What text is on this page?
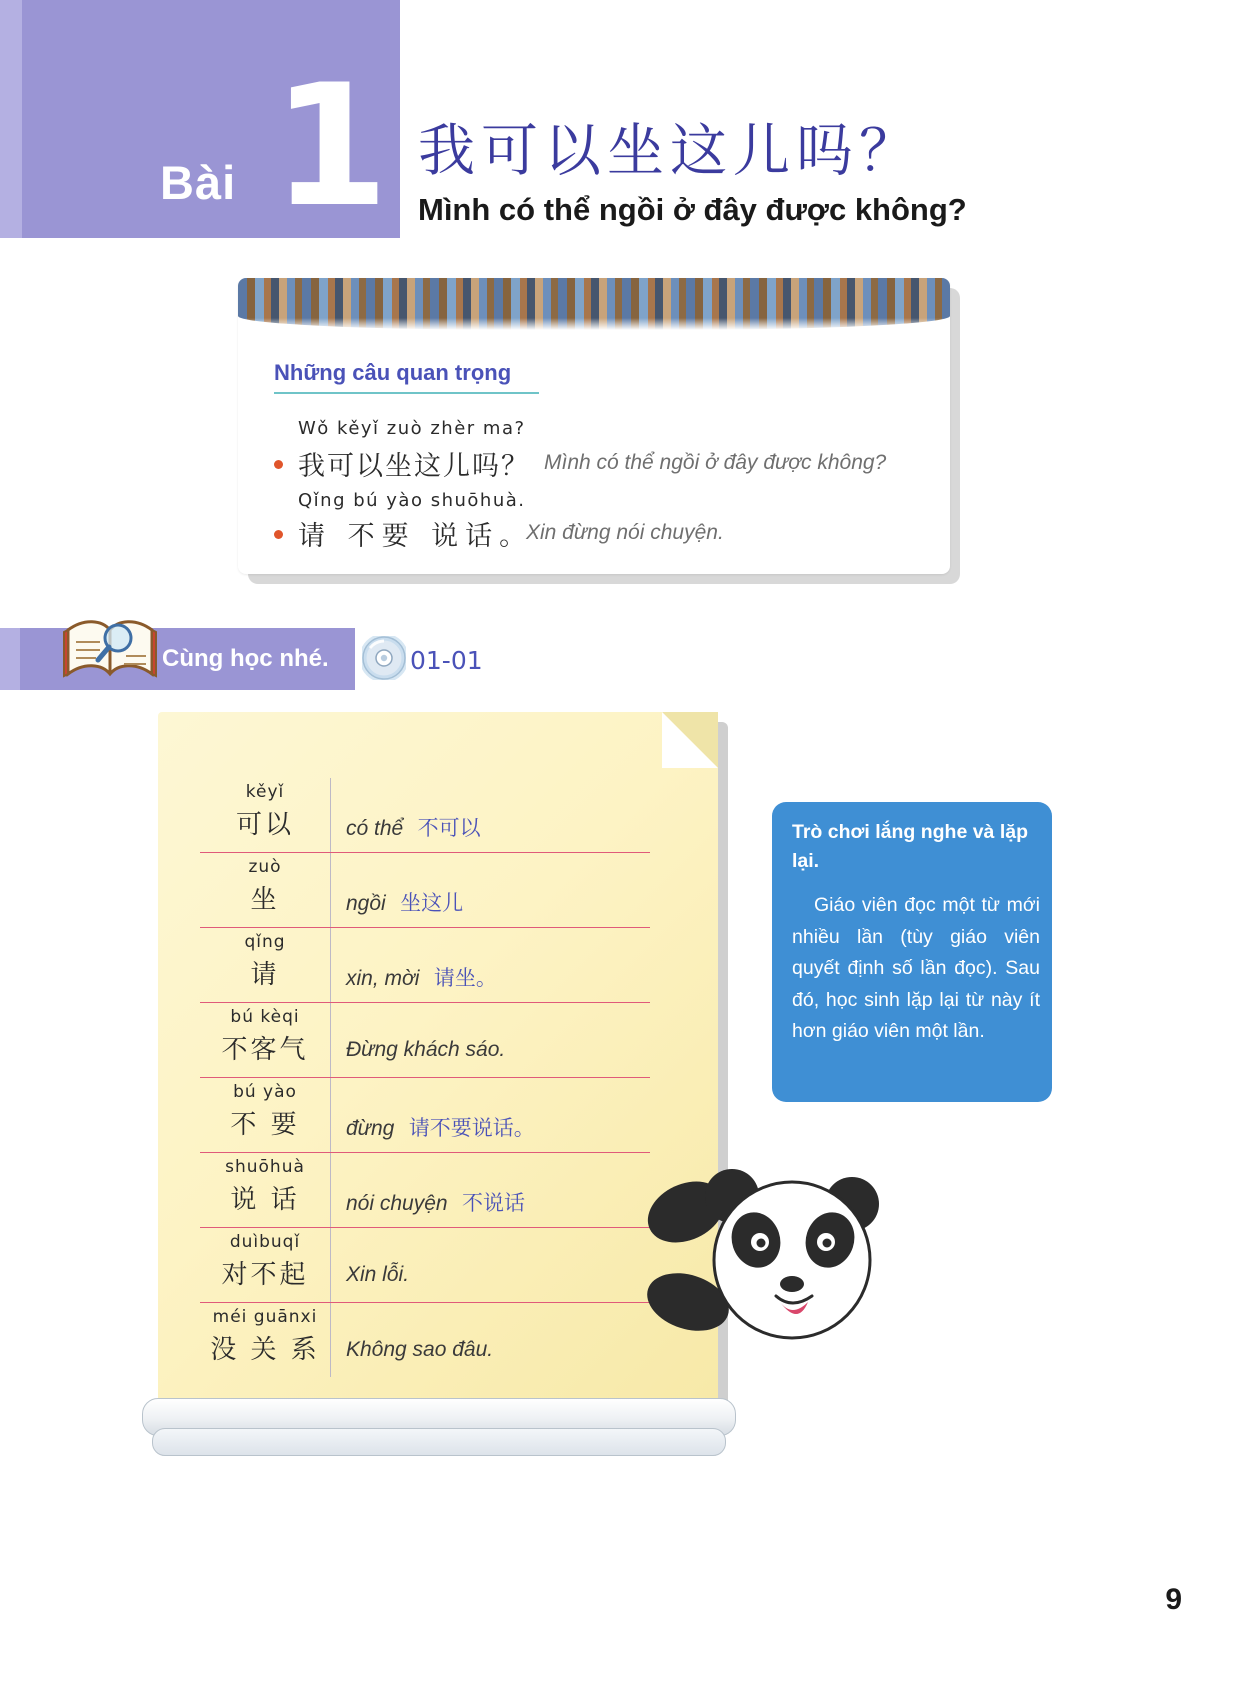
Bài 1 我可以坐这儿吗？
Mình có thể ngồi ở đây được không?
Những câu quan trọng
Wǒ kěyǐ zuò zhèr ma?
我可以坐这儿吗？ Mình có thể ngồi ở đây được không?
Qǐng bú yào shuōhuà.
请 不要 说话。
Xin đừng nói chuyện.
Cùng học nhé.	01-01
kěyǐ
可以	có thể 不可以
zuò
坐	ngồi 坐这儿
qǐng
请	xin, mời 请坐。
bú kèqi
不客气	Đừng khách sáo.
bú yào
不 要	đừng 请不要说话。
shuōhuà
说 话	nói chuyện 不说话
duìbuqǐ
对不起	Xin lỗi.
méi guānxi
没 关 系	Không sao đâu.
Trò chơi lắng nghe và lặp lại.
Giáo viên đọc một từ mới nhiều lần (tùy giáo viên quyết định số lần đọc). Sau đó, học sinh lặp lại từ này ít hơn giáo viên một lần.
9
